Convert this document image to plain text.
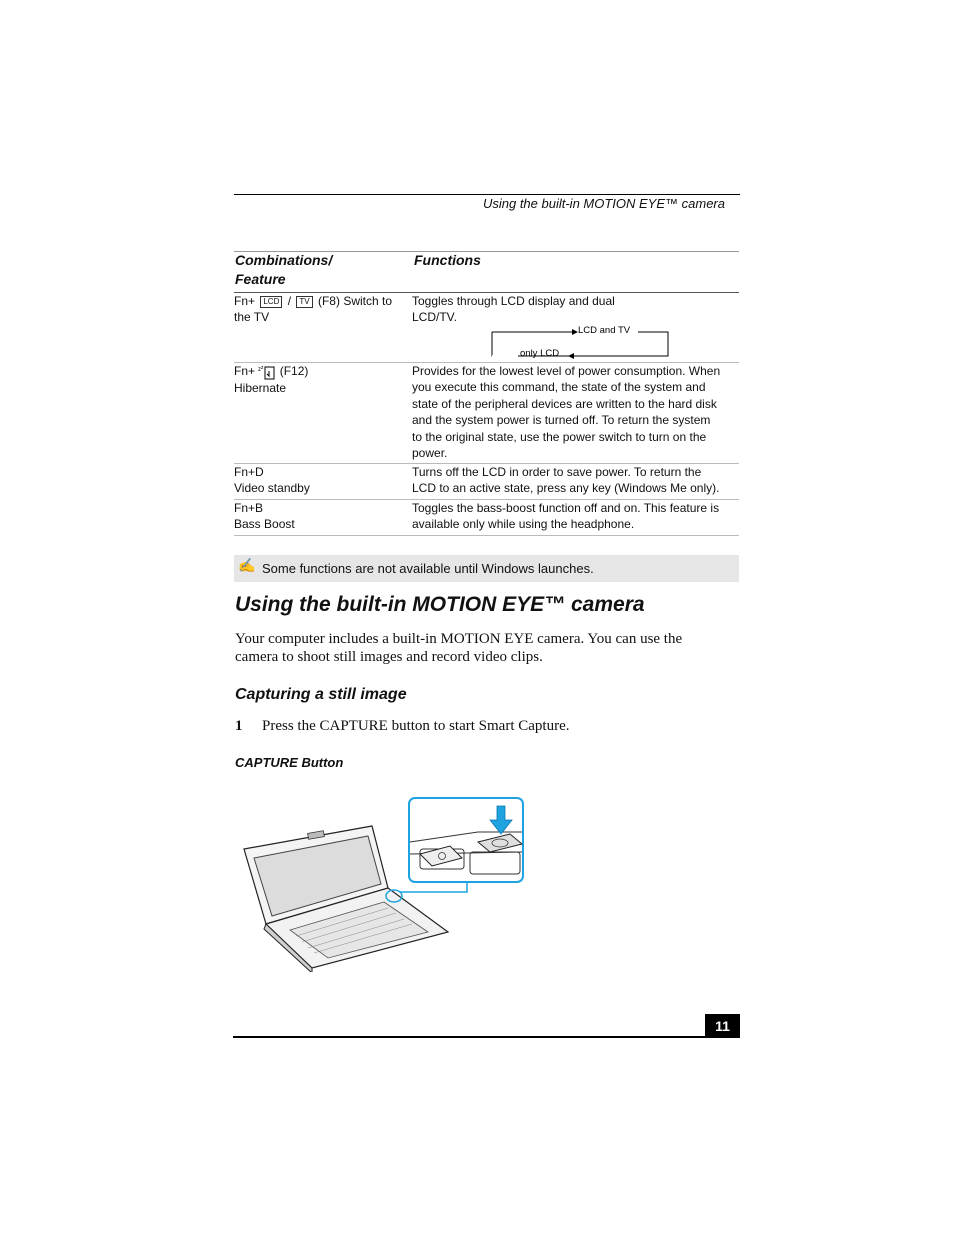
Using the built-in MOTION EYE™ camera
Combinations/
Feature
Functions
Fn+ LCD / TV (F8) Switch to
the TV
Toggles through LCD display and dual LCD/TV.
LCD and TV
only LCD
Fn+ z z (F12)
Hibernate
Provides for the lowest level of power consumption. When you execute this command, the state of the system and state of the peripheral devices are written to the hard disk and the system power is turned off. To return the system to the original state, use the power switch to turn on the power.
Fn+D
Video standby
Turns off the LCD in order to save power. To return the LCD to an active state, press any key (Windows Me only).
Fn+B
Bass Boost
Toggles the bass-boost function off and on. This feature is available only while using the headphone.
✍ Some functions are not available until Windows launches.
Using the built-in MOTION EYE™ camera
Your computer includes a built-in MOTION EYE camera. You can use the camera to shoot still images and record video clips.
Capturing a still image
1 Press the CAPTURE button to start Smart Capture.
CAPTURE Button
11
